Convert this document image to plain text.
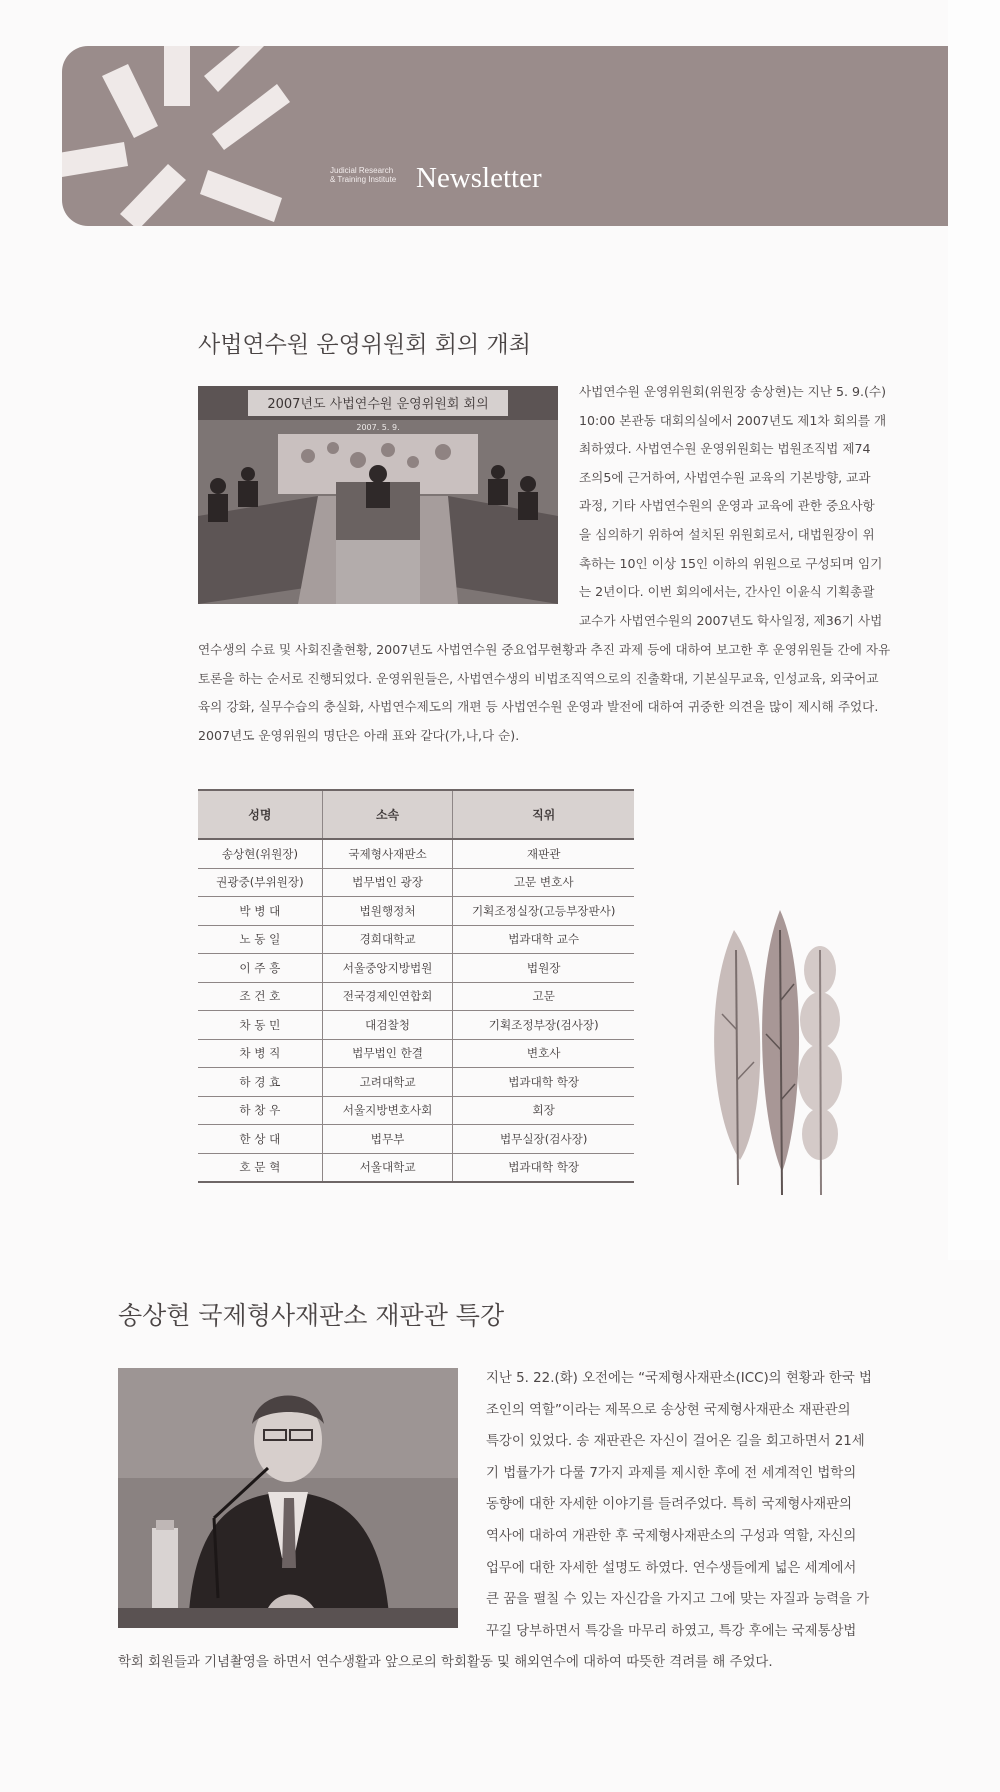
Judicial Research
& Training Institute Newsletter
사법연수원 운영위원회 회의 개최
2007년도 사법연수원 운영위원회 회의
2007. 5. 9.
사법연수원 운영위원회(위원장 송상현)는 지난 5. 9.(수)
10:00 본관동 대회의실에서 2007년도 제1차 회의를 개
최하였다. 사법연수원 운영위원회는 법원조직법 제74
조의5에 근거하여, 사법연수원 교육의 기본방향, 교과
과정, 기타 사법연수원의 운영과 교육에 관한 중요사항
을 심의하기 위하여 설치된 위원회로서, 대법원장이 위
촉하는 10인 이상 15인 이하의 위원으로 구성되며 임기
는 2년이다. 이번 회의에서는, 간사인 이윤식 기획총괄
교수가 사법연수원의 2007년도 학사일정, 제36기 사법
연수생의 수료 및 사회진출현황, 2007년도 사법연수원 중요업무현황과 추진 과제 등에 대하여 보고한 후 운영위원들 간에 자유
토론을 하는 순서로 진행되었다. 운영위원들은, 사법연수생의 비법조직역으로의 진출확대, 기본실무교육, 인성교육, 외국어교
육의 강화, 실무수습의 충실화, 사법연수제도의 개편 등 사법연수원 운영과 발전에 대하여 귀중한 의견을 많이 제시해 주었다.
2007년도 운영위원의 명단은 아래 표와 같다(가,나,다 순).
성명	소속	직위
송상현(위원장)	국제형사재판소	재판관
권광중(부위원장)	법무법인 광장	고문 변호사
박 병 대	법원행정처	기획조정실장(고등부장판사)
노 동 일	경희대학교	법과대학 교수
이 주 흥	서울중앙지방법원	법원장
조 건 호	전국경제인연합회	고문
차 동 민	대검찰청	기획조정부장(검사장)
차 병 직	법무법인 한결	변호사
하 경 효	고려대학교	법과대학 학장
하 창 우	서울지방변호사회	회장
한 상 대	법무부	법무실장(검사장)
호 문 혁	서울대학교	법과대학 학장
송상현 국제형사재판소 재판관 특강
지난 5. 22.(화) 오전에는 “국제형사재판소(ICC)의 현황과 한국 법
조인의 역할”이라는 제목으로 송상현 국제형사재판소 재판관의
특강이 있었다. 송 재판관은 자신이 걸어온 길을 회고하면서 21세
기 법률가가 다룰 7가지 과제를 제시한 후에 전 세계적인 법학의
동향에 대한 자세한 이야기를 들려주었다. 특히 국제형사재판의
역사에 대하여 개관한 후 국제형사재판소의 구성과 역할, 자신의
업무에 대한 자세한 설명도 하였다. 연수생들에게 넓은 세계에서
큰 꿈을 펼칠 수 있는 자신감을 가지고 그에 맞는 자질과 능력을 가
꾸길 당부하면서 특강을 마무리 하였고, 특강 후에는 국제통상법
학회 회원들과 기념촬영을 하면서 연수생활과 앞으로의 학회활동 및 해외연수에 대하여 따뜻한 격려를 해 주었다.
